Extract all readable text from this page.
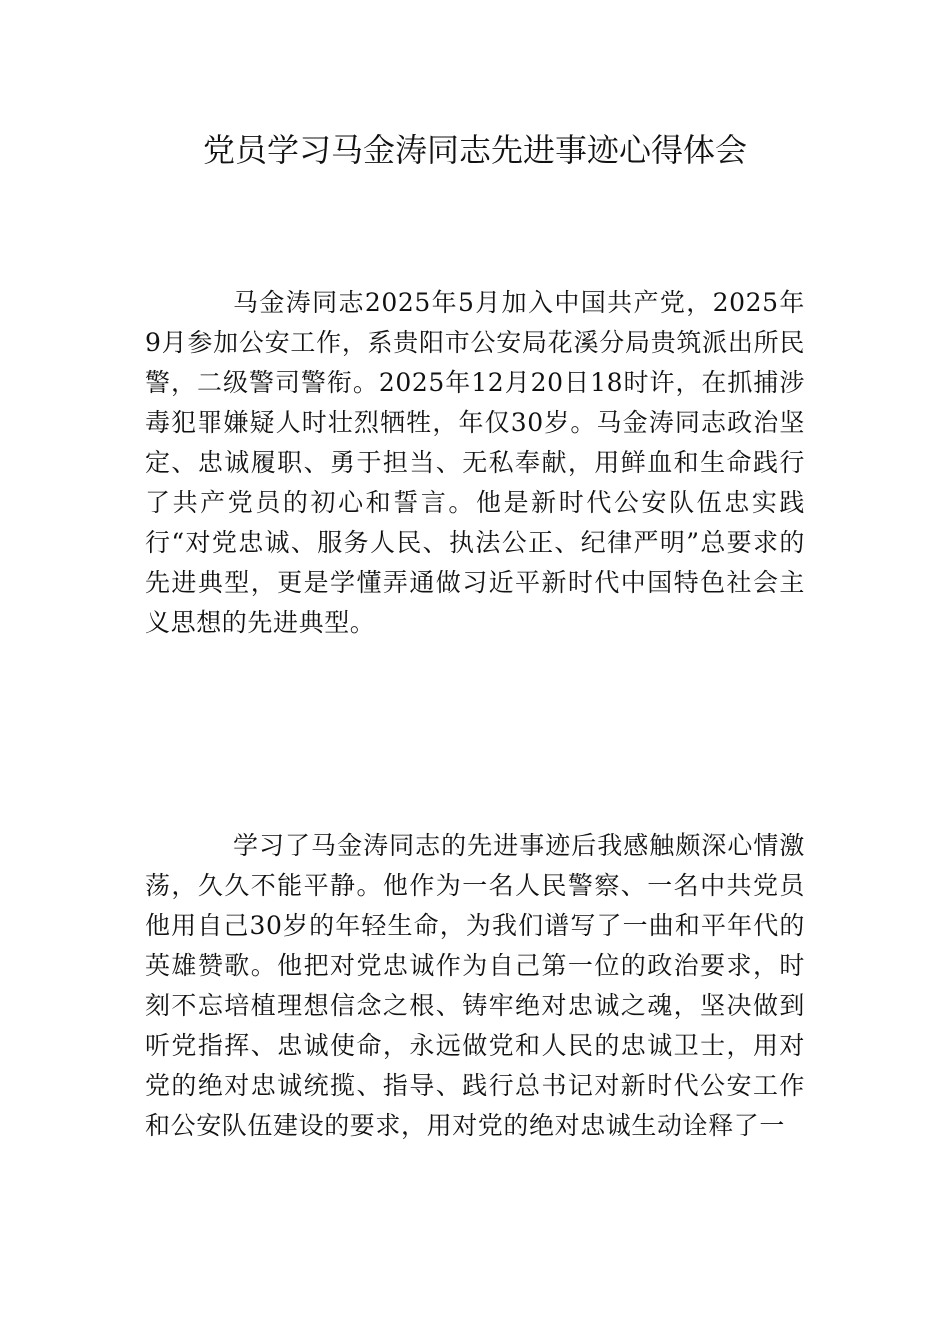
党员学习马金涛同志先进事迹心得体会

马金涛同志2025年5月加入中国共产党，2025年9月参加公安工作，系贵阳市公安局花溪分局贵筑派出所民警，二级警司警衔。2025年12月20日18时许，在抓捕涉毒犯罪嫌疑人时壮烈牺牲，年仅30岁。马金涛同志政治坚定、忠诚履职、勇于担当、无私奉献，用鲜血和生命践行了共产党员的初心和誓言。他是新时代公安队伍忠实践行“对党忠诚、服务人民、执法公正、纪律严明”总要求的先进典型，更是学懂弄通做习近平新时代中国特色社会主义思想的先进典型。

学习了马金涛同志的先进事迹后我感触颇深心情激荡，久久不能平静。他作为一名人民警察、一名中共党员他用自己30岁的年轻生命，为我们谱写了一曲和平年代的英雄赞歌。他把对党忠诚作为自己第一位的政治要求，时刻不忘培植理想信念之根、铸牢绝对忠诚之魂，坚决做到听党指挥、忠诚使命，永远做党和人民的忠诚卫士，用对党的绝对忠诚统揽、指导、践行总书记对新时代公安工作和公安队伍建设的要求，用对党的绝对忠诚生动诠释了一
